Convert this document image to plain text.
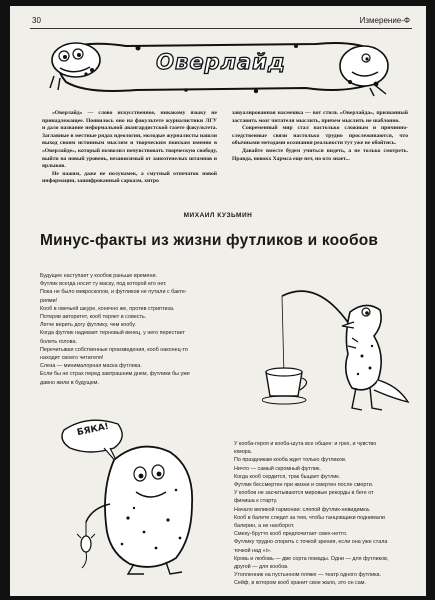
30	Измерение-Ф
Оверлайд

«Оверлайд» — слово искусственное, никакому языку не принадлежащее. Появилось оно на факультете журналистики ЛГУ и дало название неформальной авангардистской газете факультета. Заглавные в местные рядах идеологии, молодые журналисты нашли выход своим истинным мыслям и творческим поискам именно в «Оверлайде», который позволил почувствовать творческую свободу, выйти на новый уровень, независимый от занозтенелых штампов и ярлыков.

Не нажим, даже не полунамек, а смутный отпечаток новой информации, зашифрованный сарказм, хитро

завуалированная насмешка — вот стиль «Оверлайда», призванный заставить мозг читателя мыслить, причем мыслить не шаблонно.

Современный мир стал настолько сложным и причинно-следственные связи настолько трудно прослеживаются, что обычными методами осознания реальности тут уже не обойтись.

Давайте вместе будем учиться видеть, а не только смотреть. Правда, новокх Хармса еще нет, но кто знает...

МИХАИЛ КУЗЬМИН
Минус-факты из жизни футликов и кообов
Будущее наступает у кообов раньше времени.
Футлик всегда носит ту маску, под которой его нет.
Пока не было микроскопов, и футликов не путали с бакте-
риями!
Кооб в овечьей шкуре, конечно же, против стриптиза.
Потеряв авторитет, кооб теряет и совесть.
Легче верить догу футлику, чем кообу.
Когда футлик надевает терновый венец, у него перестает
болеть голова.
Перечитывая собственные произведения, кооб наконец-то
находит своего читателя!
Слеза — минималорная маска футлика.
Если бы не страх перед завтрашним днем, футлики бы уже
давно жили в будущем.
БЯКА!
У кооба-героя и кооба-шута все общее: и грех, и чувство
юмора.
По праздникам кооба ждет только футликов.
Ничто — самый скромный футлик.
Когда кооб сердится, трак бьщает футлик.
Футлик бессмертен при жизни и смертен после смерти.
У кообов не засчитываются мировые рекорды в беге от
финиша к старту.
Начало великой гармонии: слепой футлик-невидимка.
Кооб в балете следит за тем, чтобы танцовщики поднимали
балерин, а не наоборот.
Смеху-брутто кооб предпочитает смех-нетто.
Футлику трудно спорить с точкой зрения, если она уже стала
точкой над «i».
Кровь и любовь — две сорта помады. Одни — для футликов,
другой — для кообов.
Утопленник на пустынном пляже — театр одного футлика.
Сейф, в котором кооб хранит свое жало, это он сам.
